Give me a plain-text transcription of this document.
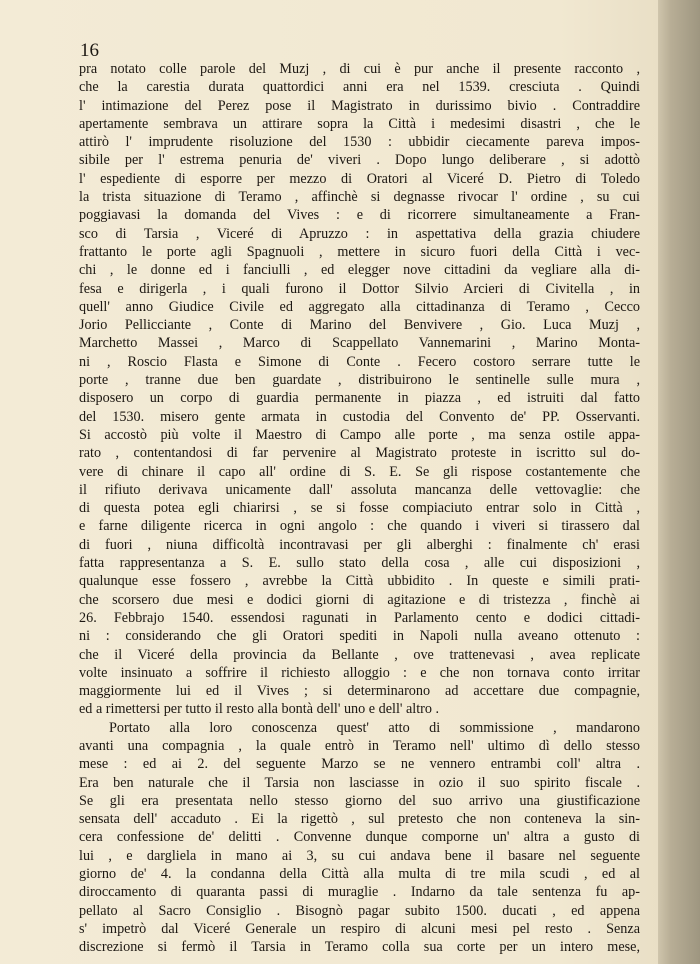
16
pra notato colle parole del Muzj , di cui è pur anche il presente racconto ,
che la carestia durata quattordici anni era nel 1539. cresciuta . Quindi
l' intimazione del Perez pose il Magistrato in durissimo bivio . Contraddire
apertamente sembrava un attirare sopra la Città i medesimi disastri , che le
attirò l' imprudente risoluzione del 1530 : ubbidir ciecamente pareva impos-
sibile per l' estrema penuria de' viveri . Dopo lungo deliberare , si adottò
l' espediente di esporre per mezzo di Oratori al Viceré D. Pietro di Toledo
la trista situazione di Teramo , affinchè si degnasse rivocar l' ordine , su cui
poggiavasi la domanda del Vives : e di ricorrere simultaneamente a Fran-
sco di Tarsia , Viceré di Apruzzo : in aspettativa della grazia chiudere
frattanto le porte agli Spagnuoli , mettere in sicuro fuori della Città i vec-
chi , le donne ed i fanciulli , ed elegger nove cittadini da vegliare alla di-
fesa e dirigerla , i quali furono il Dottor Silvio Arcieri di Civitella , in
quell' anno Giudice Civile ed aggregato alla cittadinanza di Teramo , Cecco
Jorio Pellicciante , Conte di Marino del Benvivere , Gio. Luca Muzj ,
Marchetto Massei , Marco di Scappellato Vannemarini , Marino Monta-
ni , Roscio Flasta e Simone di Conte . Fecero costoro serrare tutte le
porte , tranne due ben guardate , distribuirono le sentinelle sulle mura ,
disposero un corpo di guardia permanente in piazza , ed istruiti dal fatto
del 1530. misero gente armata in custodia del Convento de' PP. Osservanti.
Si accostò più volte il Maestro di Campo alle porte , ma senza ostile appa-
rato , contentandosi di far pervenire al Magistrato proteste in iscritto sul do-
vere di chinare il capo all' ordine di S. E. Se gli rispose costantemente che
il rifiuto derivava unicamente dall' assoluta mancanza delle vettovaglie: che
di questa potea egli chiarirsi , se si fosse compiaciuto entrar solo in Città ,
e farne diligente ricerca in ogni angolo : che quando i viveri si tirassero dal
di fuori , niuna difficoltà incontravasi per gli alberghi : finalmente ch' erasi
fatta rappresentanza a S. E. sullo stato della cosa , alle cui disposizioni ,
qualunque esse fossero , avrebbe la Città ubbidito . In queste e simili prati-
che scorsero due mesi e dodici giorni di agitazione e di tristezza , finchè ai
26. Febbrajo 1540. essendosi ragunati in Parlamento cento e dodici cittadi-
ni : considerando che gli Oratori spediti in Napoli nulla aveano ottenuto :
che il Viceré della provincia da Bellante , ove trattenevasi , avea replicate
volte insinuato a soffrire il richiesto alloggio : e che non tornava conto irritar
maggiormente lui ed il Vives ; si determinarono ad accettare due compagnie,
ed a rimettersi per tutto il resto alla bontà dell' uno e dell' altro .
Portato alla loro conoscenza quest' atto di sommissione , mandarono
avanti una compagnia , la quale entrò in Teramo nell' ultimo dì dello stesso
mese : ed ai 2. del seguente Marzo se ne vennero entrambi coll' altra .
Era ben naturale che il Tarsia non lasciasse in ozio il suo spirito fiscale .
Se gli era presentata nello stesso giorno del suo arrivo una giustificazione
sensata dell' accaduto . Ei la rigettò , sul pretesto che non conteneva la sin-
cera confessione de' delitti . Convenne dunque comporne un' altra a gusto di
lui , e dargliela in mano ai 3, su cui andava bene il basare nel seguente
giorno de' 4. la condanna della Città alla multa di tre mila scudi , ed al
diroccamento di quaranta passi di muraglie . Indarno da tale sentenza fu ap-
pellato al Sacro Consiglio . Bisognò pagar subito 1500. ducati , ed appena
s' impetrò dal Viceré Generale un respiro di alcuni mesi pel resto . Senza
discrezione si fermò il Tarsia in Teramo colla sua corte per un intero mese,
